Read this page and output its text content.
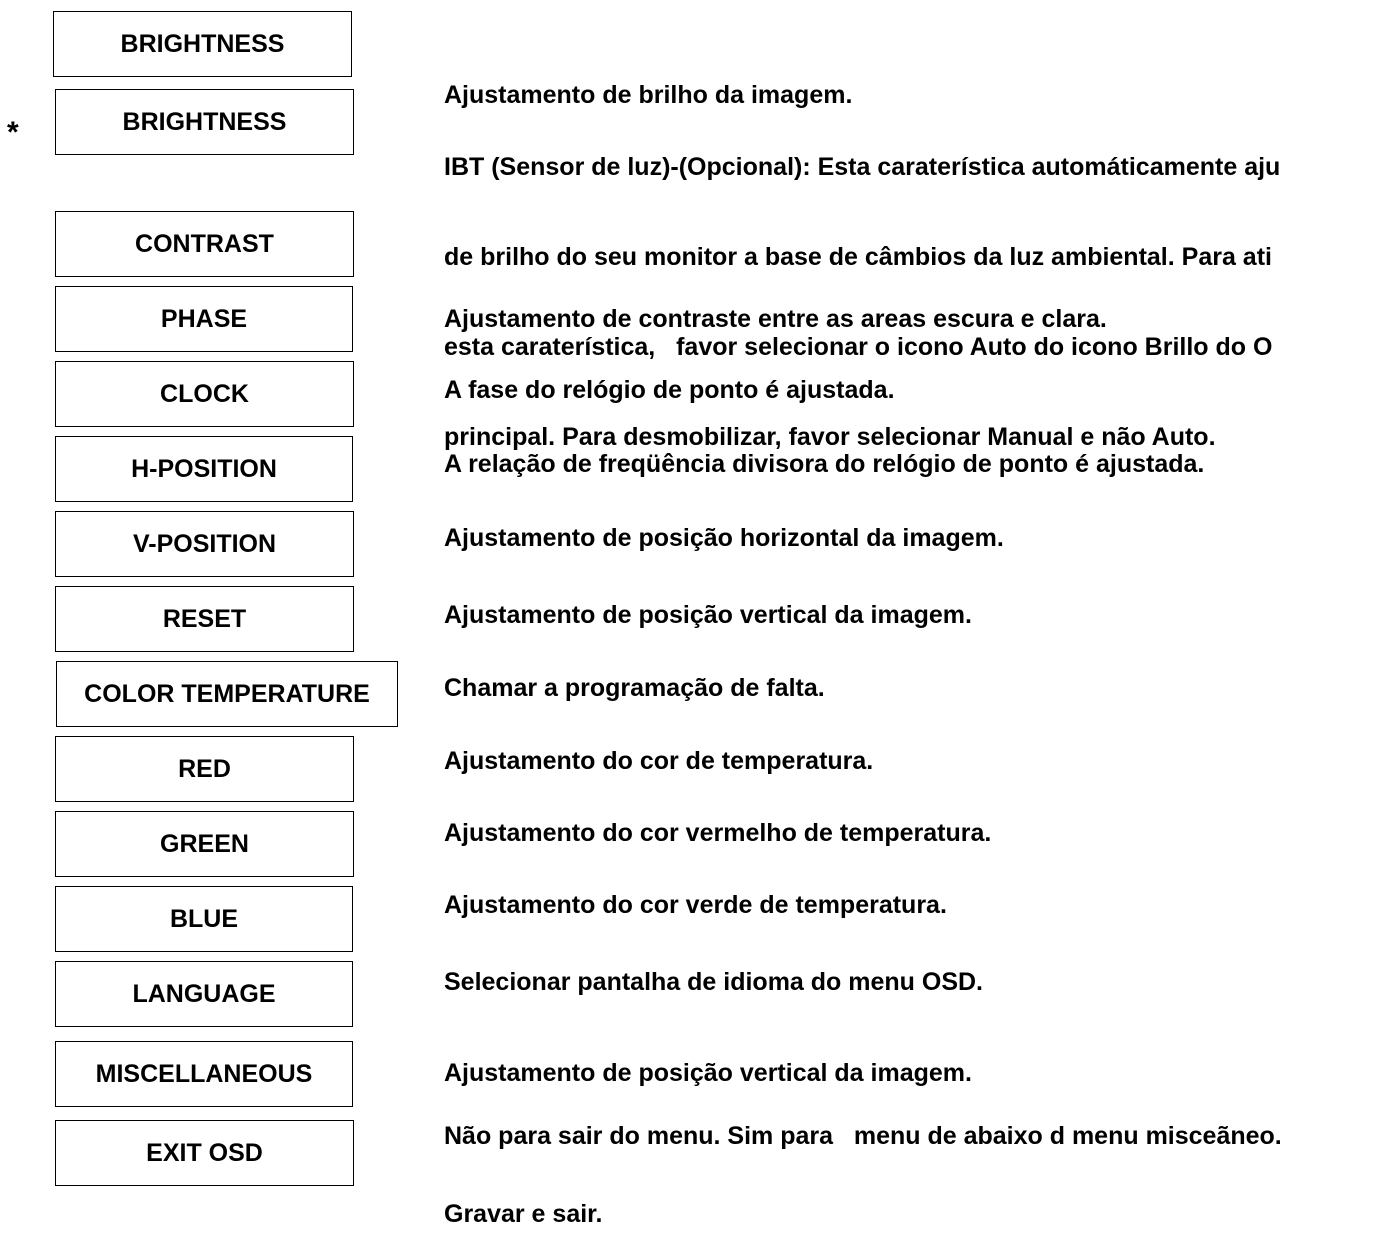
*
BRIGHTNESS
BRIGHTNESS
CONTRAST
PHASE
CLOCK
H-POSITION
V-POSITION
RESET
COLOR TEMPERATURE
RED
GREEN
BLUE
LANGUAGE
MISCELLANEOUS
EXIT OSD

Ajustamento de brilho da imagem.

IBT (Sensor de luz)-(Opcional): Esta caraterística automáticamente aju

de brilho do seu monitor a base de câmbios da luz ambiental. Para ati

esta caraterística,   favor selecionar o icono Auto do icono Brillo do O

principal. Para desmobilizar, favor selecionar Manual e não Auto.

Ajustamento de contraste entre as areas escura e clara.

A fase do relógio de ponto é ajustada.

A relação de freqüência divisora do relógio de ponto é ajustada.

Ajustamento de posição horizontal da imagem.

Ajustamento de posição vertical da imagem.

Chamar a programação de falta.

Ajustamento do cor de temperatura.

Ajustamento do cor vermelho de temperatura.

Ajustamento do cor verde de temperatura.

Selecionar pantalha de idioma do menu OSD.

Ajustamento de posição vertical da imagem.

Não para sair do menu. Sim para   menu de abaixo d menu misceãneo.

Gravar e sair.
